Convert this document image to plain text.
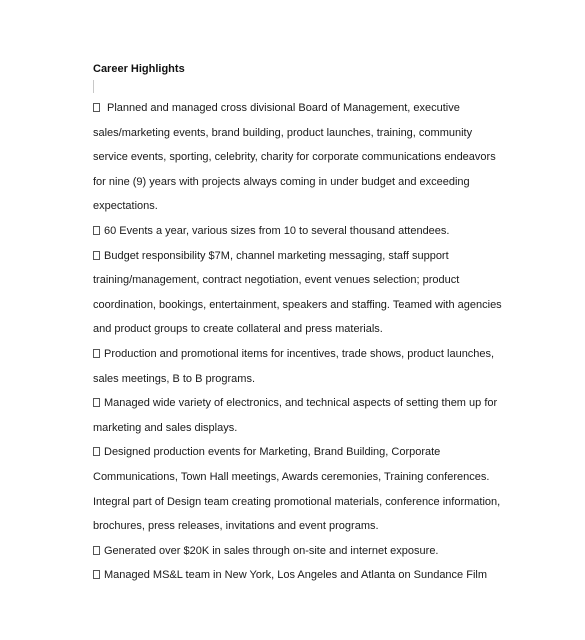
Career Highlights
Planned and managed cross divisional Board of Management, executive
sales/marketing events, brand building, product launches, training, community
service events, sporting, celebrity, charity for corporate communications endeavors
for nine (9) years with projects always coming in under budget and exceeding
expectations.
60 Events a year, various sizes from 10 to several thousand attendees.
Budget responsibility $7M, channel marketing messaging, staff support
training/management, contract negotiation, event venues selection; product
coordination, bookings, entertainment, speakers and staffing. Teamed with agencies
and product groups to create collateral and press materials.
Production and promotional items for incentives, trade shows, product launches,
sales meetings, B to B programs.
Managed wide variety of electronics, and technical aspects of setting them up for
marketing and sales displays.
Designed production events for Marketing, Brand Building, Corporate
Communications, Town Hall meetings, Awards ceremonies, Training conferences.
Integral part of Design team creating promotional materials, conference information,
brochures, press releases, invitations and event programs.
Generated over $20K in sales through on-site and internet exposure.
Managed MS&L team in New York, Los Angeles and Atlanta on Sundance Film
